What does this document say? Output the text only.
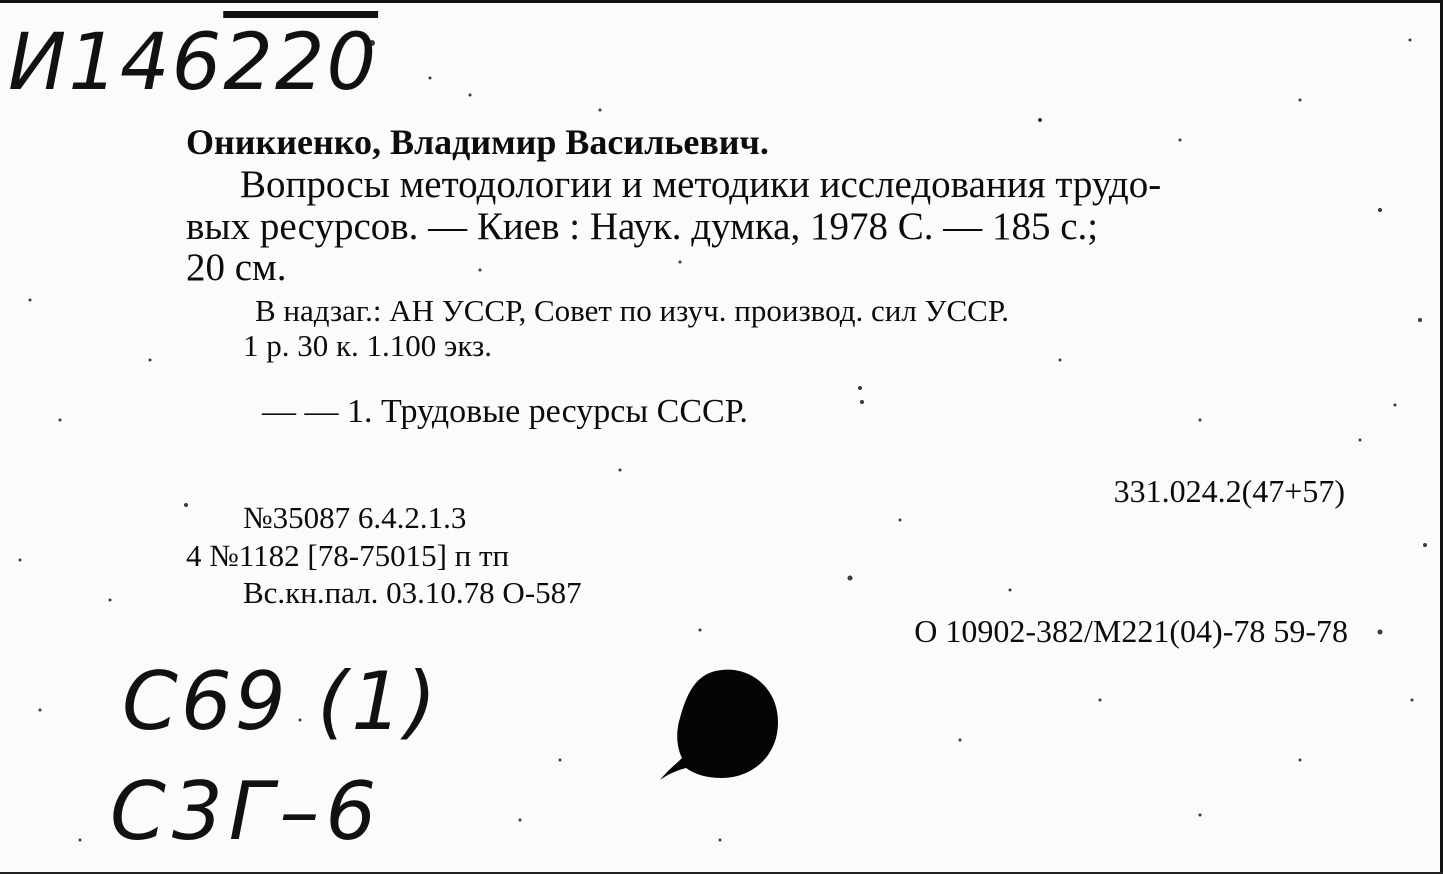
И146220
Оникиенко, Владимир Васильевич.
Вопросы методологии и методики исследования трудо-
вых ресурсов. — Киев : Наук. думка, 1978 С. — 185 с.;
20 см.
В надзаг.: АН УССР, Совет по изуч. производ. сил УССР.
1 р. 30 к. 1.100 экз.
— — 1. Трудовые ресурсы СССР.
331.024.2(47+57)
№35087 6.4.2.1.3
4 №1182 [78-75015] п тп
Вс.кн.пал. 03.10.78 О-587
О 10902-382/М221(04)-78 59-78
С69 (1)
С3Г–6
